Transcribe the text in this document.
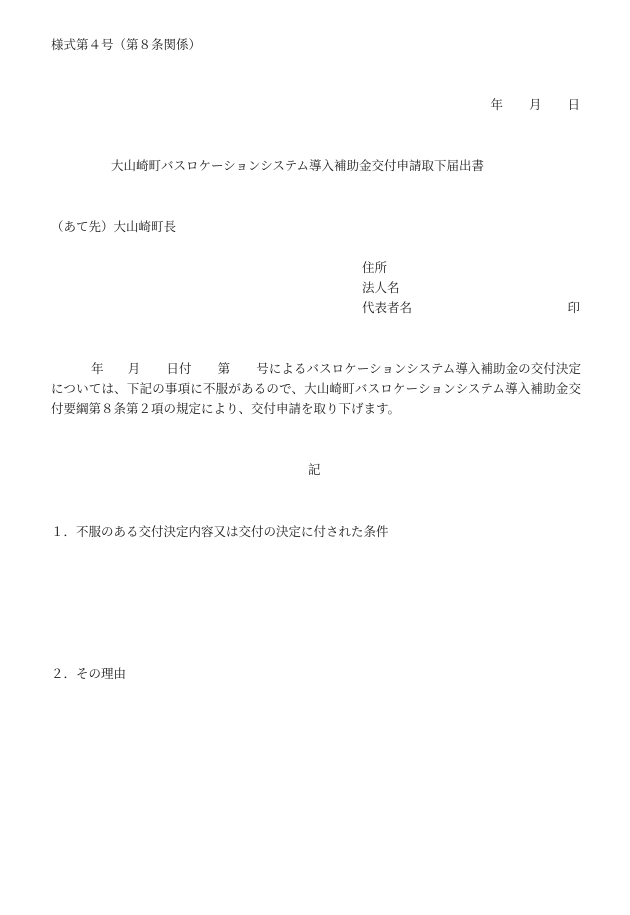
様式第４号（第８条関係）
年 月 日
大山崎町バスロケーションシステム導入補助金交付申請取下届出書
（あて先）大山崎町長
住所
法人名
代表者名	印
年 月 日付 第 号によるバスロケーションシステム導入補助金の交付決定については、下記の事項に不服があるので、大山崎町バスロケーションシステム導入補助金交付要綱第８条第２項の規定により、交付申請を取り下げます。
記
１．不服のある交付決定内容又は交付の決定に付された条件
２．その理由
